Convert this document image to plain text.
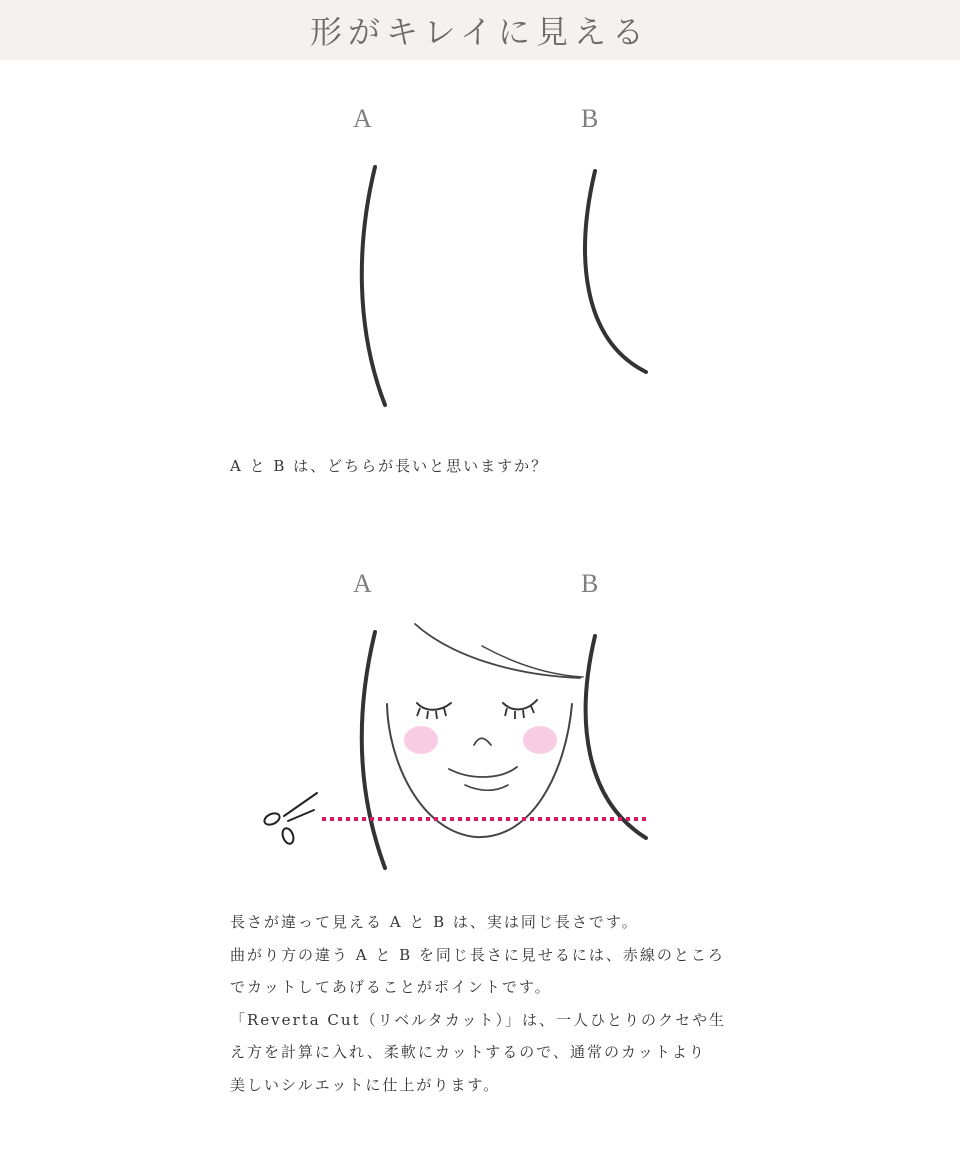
形がキレイに見える
A	B
A と B は、どちらが長いと思いますか？
A	B
長さが違って見える A と B は、実は同じ長さです。
曲がり方の違う A と B を同じ長さに見せるには、赤線のところ
でカットしてあげることがポイントです。
「Reverta Cut（リベルタカット）」は、一人ひとりのクセや生
え方を計算に入れ、柔軟にカットするので、通常のカットより
美しいシルエットに仕上がります。
